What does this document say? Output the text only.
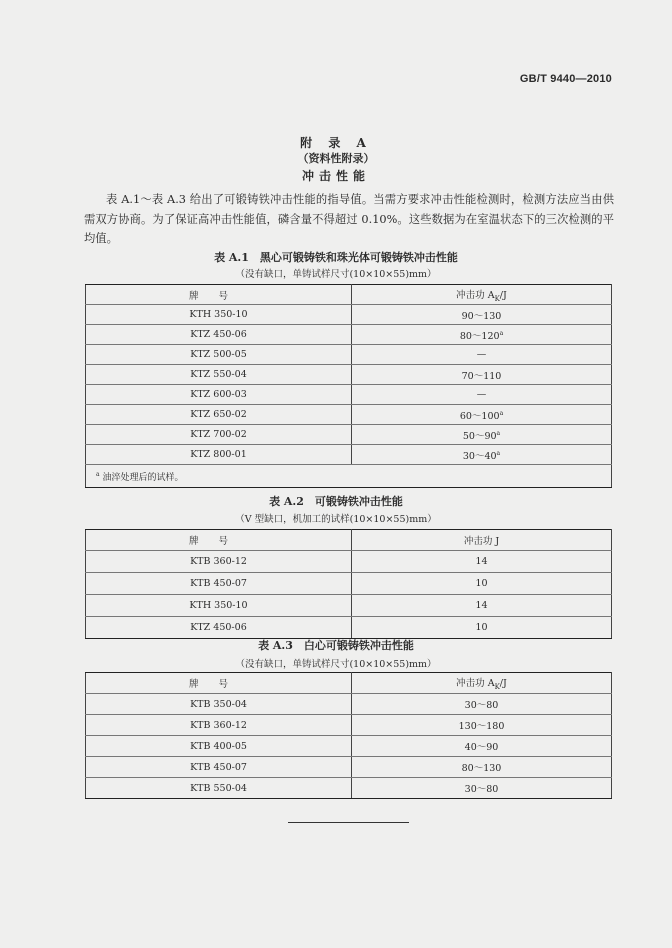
GB/T 9440—2010
附 录 A
（资料性附录）
冲击性能

表 A.1～表 A.3 给出了可锻铸铁冲击性能的指导值。当需方要求冲击性能检测时，检测方法应当由供需双方协商。为了保证高冲击性能值，磷含量不得超过 0.10%。这些数据为在室温状态下的三次检测的平均值。

表 A.1　黑心可锻铸铁和珠光体可锻铸铁冲击性能
（没有缺口，单铸试样尺寸(10×10×55)mm）
牌号	冲击功 $A_K/J$
KTH 350-10	90～130
KTZ 450-06	80～120$^a$
KTZ 500-05	—
KTZ 550-04	70～110
KTZ 600-03	—
KTZ 650-02	60～100$^a$
KTZ 700-02	50～90$^a$
KTZ 800-01	30～40$^a$
$^a$ 油淬处理后的试样。	
表 A.2　可锻铸铁冲击性能
（V 型缺口，机加工的试样(10×10×55)mm）
牌号	冲击功 J
KTB 360-12	14
KTB 450-07	10
KTH 350-10	14
KTZ 450-06	10
表 A.3　白心可锻铸铁冲击性能
（没有缺口，单铸试样尺寸(10×10×55)mm）
牌号	冲击功 $A_K/J$
KTB 350-04	30～80
KTB 360-12	130～180
KTB 400-05	40～90
KTB 450-07	80～130
KTB 550-04	30～80
